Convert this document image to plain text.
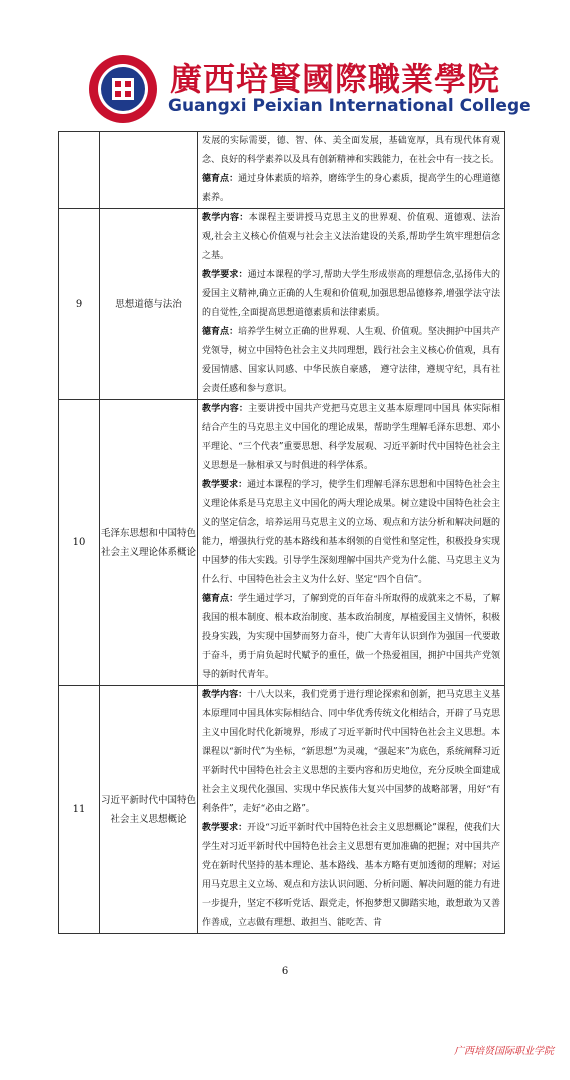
廣西培賢國際職業學院
Guangxi Peixian International College

		发展的实际需要，德、智、体、美全面发展，基础宽厚，具有现代体育观念、良好的科学素养以及具有创新精神和实践能力，在社会中有一技之长。

德育点：通过身体素质的培养，磨练学生的身心素质，提高学生的心理道德素养。

9	思想道德与法治	教学内容：本课程主要讲授马克思主义的世界观、价值观、道德观、法治观,社会主义核心价值观与社会主义法治建设的关系,帮助学生筑牢理想信念之基。

教学要求：通过本课程的学习,帮助大学生形成崇高的理想信念,弘扬伟大的爱国主义精神,确立正确的人生观和价值观,加强思想品德修养,增强学法守法的自觉性,全面提高思想道德素质和法律素质。

德育点：培养学生树立正确的世界观、人生观、价值观。坚决拥护中国共产党领导，树立中国特色社会主义共同理想，践行社会主义核心价值观，具有爱国情感、国家认同感、中华民族自豪感， 遵守法律，遵规守纪，具有社会责任感和参与意识。

10	毛泽东思想和中国特色社会主义理论体系概论	教学内容：主要讲授中国共产党把马克思主义基本原理同中国具 体实际相结合产生的马克思主义中国化的理论成果，帮助学生理解毛泽东思想、邓小平理论、“三个代表”重要思想、科学发展观、习近平新时代中国特色社会主义思想是一脉相承又与时俱进的科学体系。

教学要求：通过本课程的学习，使学生们理解毛泽东思想和中国特色社会主义理论体系是马克思主义中国化的两大理论成果。树立建设中国特色社会主义的坚定信念，培养运用马克思主义的立场、观点和方法分析和解决问题的能力，增强执行党的基本路线和基本纲领的自觉性和坚定性，积极投身实现中国梦的伟大实践。引导学生深刻理解中国共产党为什么能、马克思主义为什么行、中国特色社会主义为什么好、坚定“四个自信”。

德育点：学生通过学习，了解到党的百年奋斗所取得的成就来之不易，了解我国的根本制度、根本政治制度、基本政治制度，厚植爱国主义情怀，积极投身实践，为实现中国梦而努力奋斗，使广大青年认识到作为强国一代要敢于奋斗，勇于肩负起时代赋予的重任，做一个热爱祖国，拥护中国共产党领导的新时代青年。

11	习近平新时代中国特色社会主义思想概论	教学内容：十八大以来，我们党勇于进行理论探索和创新，把马克思主义基本原理同中国具体实际相结合、同中华优秀传统文化相结合，开辟了马克思主义中国化时代化新境界，形成了习近平新时代中国特色社会主义思想。本课程以“新时代”为坐标，“新思想”为灵魂，“强起来”为底色，系统阐释习近平新时代中国特色社会主义思想的主要内容和历史地位，充分反映全面建成社会主义现代化强国、实现中华民族伟大复兴中国梦的战略部署，用好“有利条件”，走好“必由之路”。

教学要求：开设“习近平新时代中国特色社会主义思想概论”课程，使我们大学生对习近平新时代中国特色社会主义思想有更加准确的把握；对中国共产党在新时代坚持的基本理论、基本路线、基本方略有更加透彻的理解；对运用马克思主义立场、观点和方法认识问题、分析问题、解决问题的能力有进一步提升，坚定不移听党话、跟党走，怀抱梦想又脚踏实地，敢想敢为又善作善成，立志做有理想、敢担当、能吃苦、肯

6
广西培贤国际职业学院
